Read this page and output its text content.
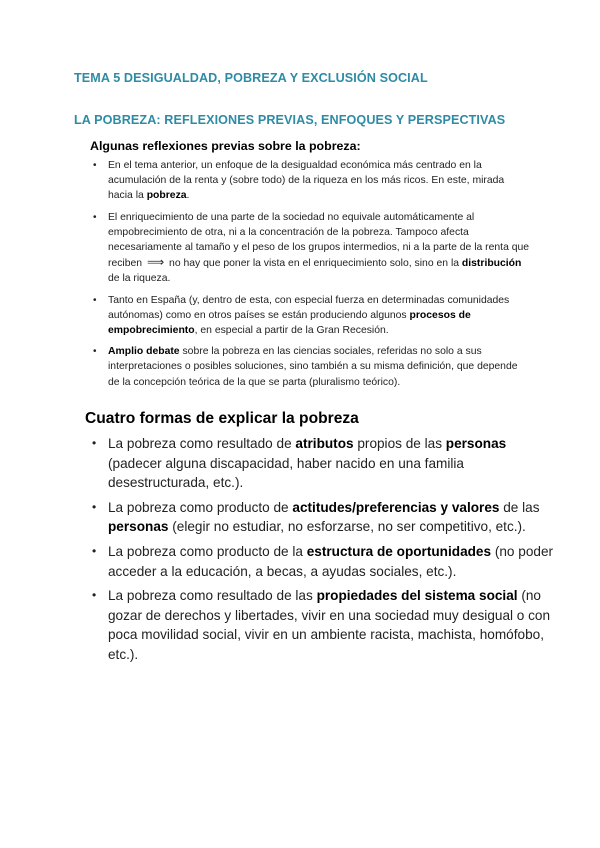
TEMA 5 DESIGUALDAD, POBREZA Y EXCLUSIÓN SOCIAL
LA POBREZA: REFLEXIONES PREVIAS, ENFOQUES Y PERSPECTIVAS
Algunas reflexiones previas sobre la pobreza:
• En el tema anterior, un enfoque de la desigualdad económica más centrado en la acumulación de la renta y (sobre todo) de la riqueza en los más ricos. En este, mirada hacia la pobreza.
• El enriquecimiento de una parte de la sociedad no equivale automáticamente al empobrecimiento de otra, ni a la concentración de la pobreza. Tampoco afecta necesariamente al tamaño y el peso de los grupos intermedios, ni a la parte de la renta que reciben ⟹ no hay que poner la vista en el enriquecimiento solo, sino en la distribución de la riqueza.
• Tanto en España (y, dentro de esta, con especial fuerza en determinadas comunidades autónomas) como en otros países se están produciendo algunos procesos de empobrecimiento, en especial a partir de la Gran Recesión.
• Amplio debate sobre la pobreza en las ciencias sociales, referidas no solo a sus interpretaciones o posibles soluciones, sino también a su misma definición, que depende de la concepción teórica de la que se parta (pluralismo teórico).
Cuatro formas de explicar la pobreza
• La pobreza como resultado de atributos propios de las personas (padecer alguna discapacidad, haber nacido en una familia desestructurada, etc.).
• La pobreza como producto de actitudes/preferencias y valores de las personas (elegir no estudiar, no esforzarse, no ser competitivo, etc.).
• La pobreza como producto de la estructura de oportunidades (no poder acceder a la educación, a becas, a ayudas sociales, etc.).
• La pobreza como resultado de las propiedades del sistema social (no gozar de derechos y libertades, vivir en una sociedad muy desigual o con poca movilidad social, vivir en un ambiente racista, machista, homófobo, etc.).
